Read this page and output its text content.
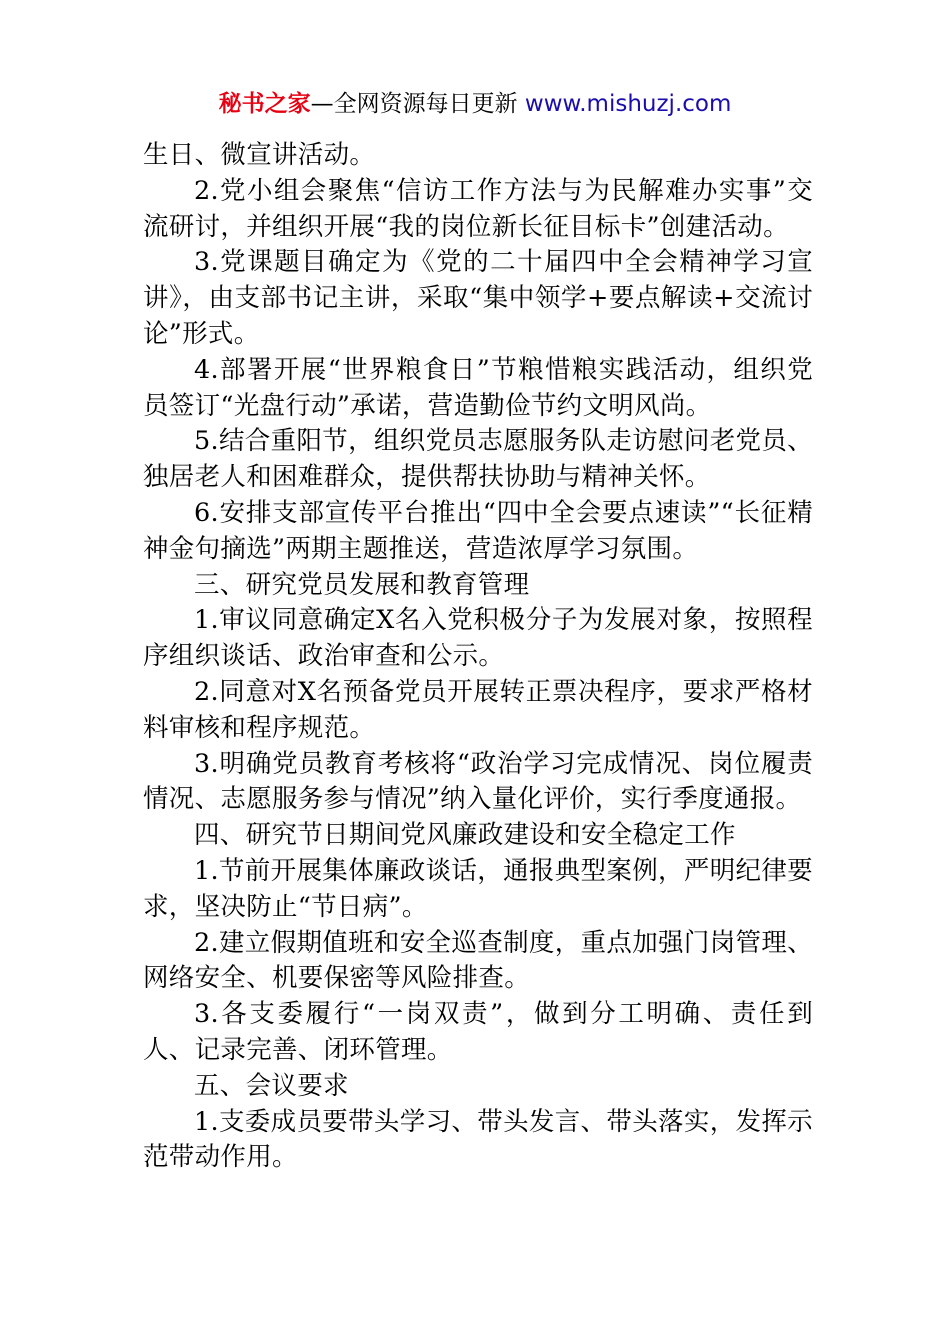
秘书之家—全网资源每日更新 www.mishuzj.com

生日、微宣讲活动。

2.党小组会聚焦“信访工作方法与为民解难办实事”交流研讨，并组织开展“我的岗位新长征目标卡”创建活动。

3.党课题目确定为《党的二十届四中全会精神学习宣讲》，由支部书记主讲，采取“集中领学+要点解读+交流讨论”形式。

4.部署开展“世界粮食日”节粮惜粮实践活动，组织党员签订“光盘行动”承诺，营造勤俭节约文明风尚。

5.结合重阳节，组织党员志愿服务队走访慰问老党员、独居老人和困难群众，提供帮扶协助与精神关怀。

6.安排支部宣传平台推出“四中全会要点速读”“长征精神金句摘选”两期主题推送，营造浓厚学习氛围。

三、研究党员发展和教育管理

1.审议同意确定X名入党积极分子为发展对象，按照程序组织谈话、政治审查和公示。

2.同意对X名预备党员开展转正票决程序，要求严格材料审核和程序规范。

3.明确党员教育考核将“政治学习完成情况、岗位履责情况、志愿服务参与情况”纳入量化评价，实行季度通报。

四、研究节日期间党风廉政建设和安全稳定工作

1.节前开展集体廉政谈话，通报典型案例，严明纪律要求，坚决防止“节日病”。

2.建立假期值班和安全巡查制度，重点加强门岗管理、网络安全、机要保密等风险排查。

3.各支委履行“一岗双责”，做到分工明确、责任到人、记录完善、闭环管理。

五、会议要求

1.支委成员要带头学习、带头发言、带头落实，发挥示范带动作用。
